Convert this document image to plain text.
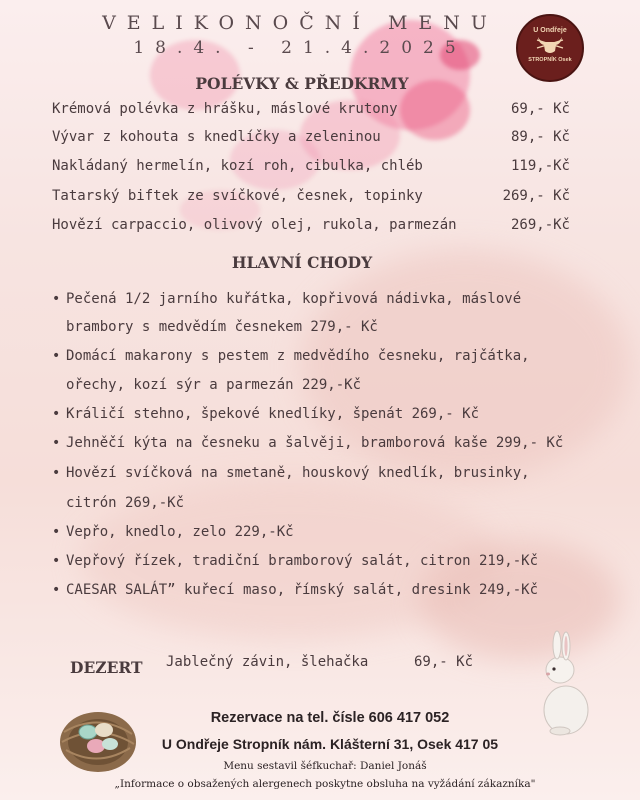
VELIKONOČNÍ MENU
18.4. - 21.4.2025
U Ondřeje
STROPNÍK Osek
POLÉVKY & PŘEDKRMY
Krémová polévka z hrášku, máslové krutony	69,- Kč
Vývar z kohouta s knedlíčky a zeleninou	89,- Kč
Nakládaný hermelín, kozí roh, cibulka, chléb	119,-Kč
Tatarský biftek ze svíčkové, česnek, topinky	269,- Kč
Hovězí carpaccio, olivový olej, rukola, parmezán	269,-Kč
HLAVNÍ CHODY
• Pečená 1/2 jarního kuřátka, kopřivová nádivka, máslové
brambory s medvědím česnekem 279,- Kč
• Domácí makarony s pestem z medvědího česneku, rajčátka,
ořechy, kozí sýr a parmezán 229,-Kč
• Králičí stehno, špekové knedlíky, špenát 269,- Kč
• Jehněčí kýta na česneku a šalvěji, bramborová kaše 299,- Kč
• Hovězí svíčková na smetaně, houskový knedlík, brusinky,
citrón 269,-Kč
• Vepřo, knedlo, zelo 229,-Kč
• Vepřový řízek, tradiční bramborový salát, citron 219,-Kč
• CAESAR SALÁT” kuřecí maso, římský salát, dresink 249,-Kč
DEZERT Jablečný závin, šlehačka	69,- Kč
Rezervace na tel. čísle 606 417 052
U Ondřeje Stropník nám. Klášterní 31, Osek 417 05
Menu sestavil šéfkuchař: Daniel Jonáš
„Informace o obsažených alergenech poskytne obsluha na vyžádání zákazníka"
